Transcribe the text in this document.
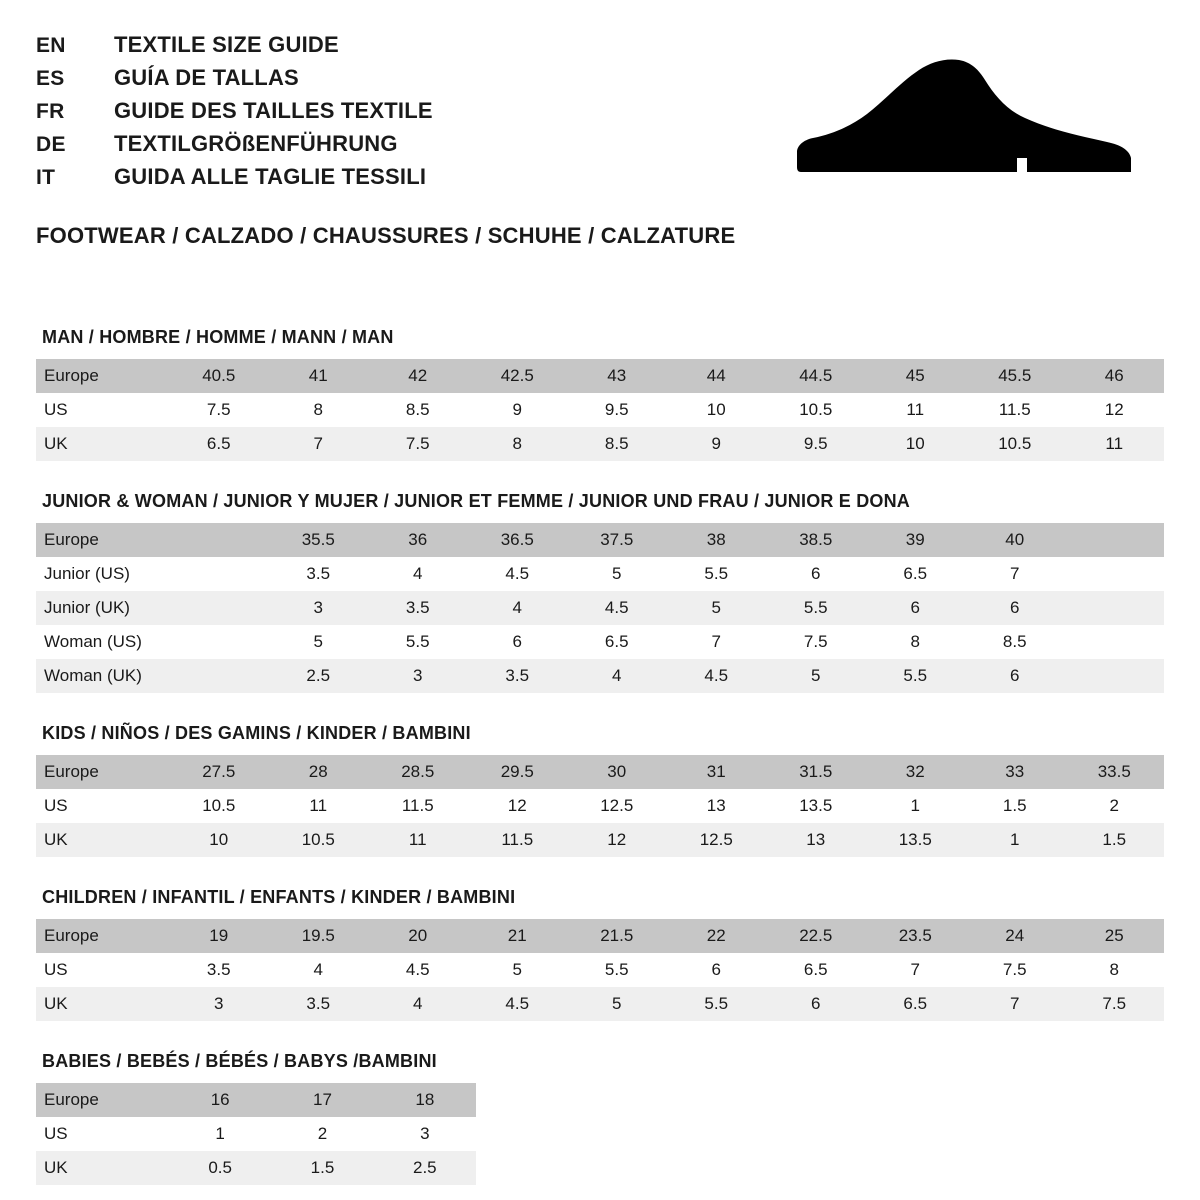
EN	TEXTILE SIZE GUIDE
ES	GUÍA DE TALLAS
FR	GUIDE DES TAILLES TEXTILE
DE	TEXTILGRÖßENFÜHRUNG
IT	GUIDA ALLE TAGLIE TESSILI
FOOTWEAR / CALZADO / CHAUSSURES / SCHUHE / CALZATURE
MAN / HOMBRE / HOMME / MANN / MAN
Europe	40.5	41	42	42.5	43	44	44.5	45	45.5	46
US	7.5	8	8.5	9	9.5	10	10.5	11	11.5	12
UK	6.5	7	7.5	8	8.5	9	9.5	10	10.5	11
JUNIOR & WOMAN / JUNIOR Y MUJER / JUNIOR ET FEMME / JUNIOR UND FRAU / JUNIOR E DONA
Europe		35.5	36	36.5	37.5	38	38.5	39	40	
Junior (US)		3.5	4	4.5	5	5.5	6	6.5	7	
Junior (UK)		3	3.5	4	4.5	5	5.5	6	6	
Woman (US)		5	5.5	6	6.5	7	7.5	8	8.5	
Woman (UK)		2.5	3	3.5	4	4.5	5	5.5	6	
KIDS / NIÑOS / DES GAMINS / KINDER / BAMBINI
Europe	27.5	28	28.5	29.5	30	31	31.5	32	33	33.5
US	10.5	11	11.5	12	12.5	13	13.5	1	1.5	2
UK	10	10.5	11	11.5	12	12.5	13	13.5	1	1.5
CHILDREN / INFANTIL / ENFANTS / KINDER / BAMBINI
Europe	19	19.5	20	21	21.5	22	22.5	23.5	24	25
US	3.5	4	4.5	5	5.5	6	6.5	7	7.5	8
UK	3	3.5	4	4.5	5	5.5	6	6.5	7	7.5
BABIES / BEBÉS / BÉBÉS / BABYS /BAMBINI
Europe	16	17	18
US	1	2	3
UK	0.5	1.5	2.5
